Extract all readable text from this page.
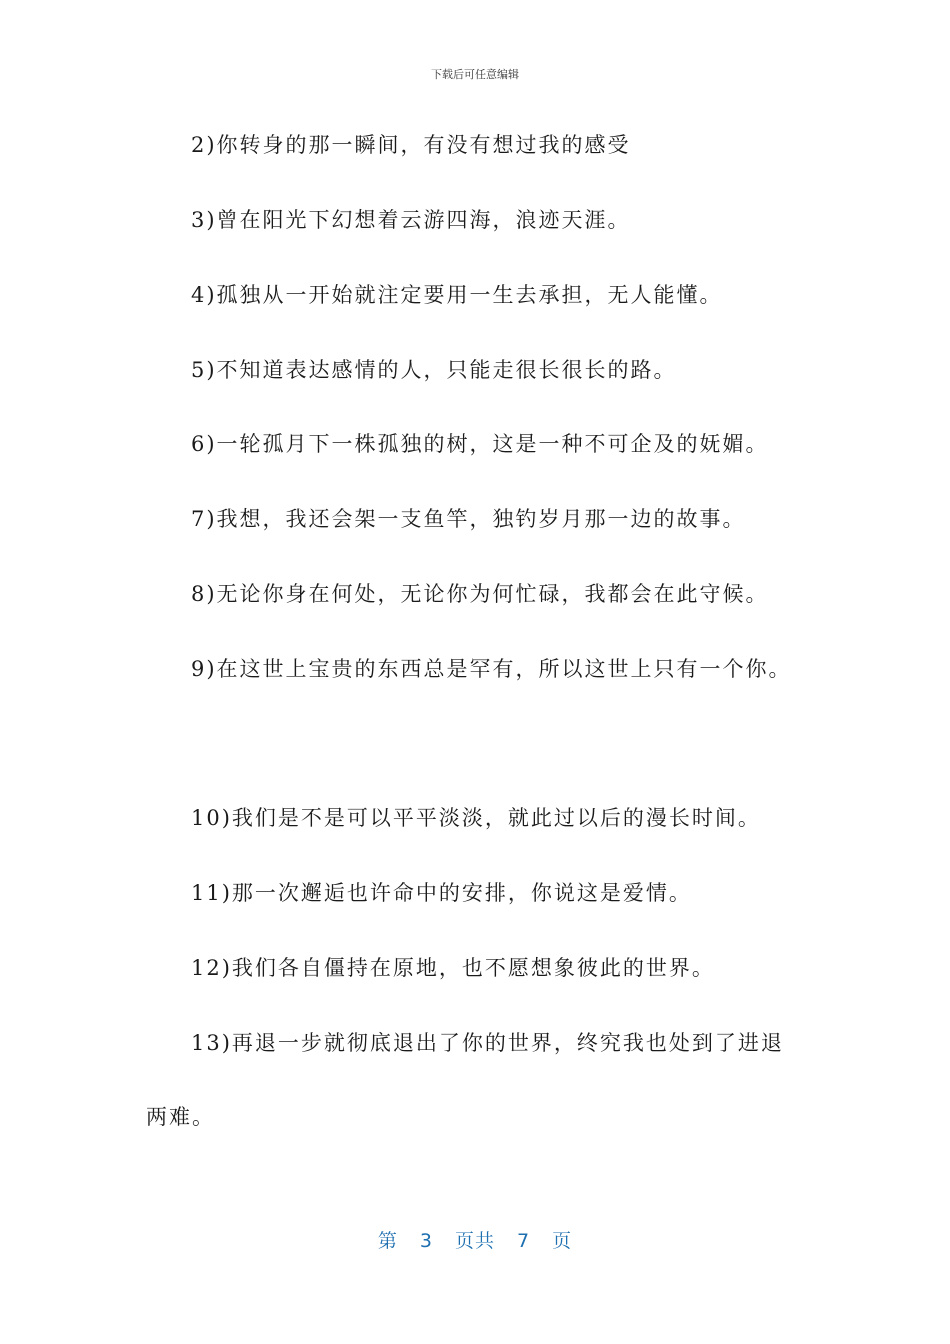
下载后可任意编辑
2)你转身的那一瞬间，有没有想过我的感受
3)曾在阳光下幻想着云游四海，浪迹天涯。
4)孤独从一开始就注定要用一生去承担，无人能懂。
5)不知道表达感情的人，只能走很长很长的路。
6)一轮孤月下一株孤独的树，这是一种不可企及的妩媚。
7)我想，我还会架一支鱼竿，独钓岁月那一边的故事。
8)无论你身在何处，无论你为何忙碌，我都会在此守候。
9)在这世上宝贵的东西总是罕有，所以这世上只有一个你。
10)我们是不是可以平平淡淡，就此过以后的漫长时间。
11)那一次邂逅也许命中的安排，你说这是爱情。
12)我们各自僵持在原地，也不愿想象彼此的世界。
13)再退一步就彻底退出了你的世界，终究我也处到了进退
两难。
第 3 页共 7 页
